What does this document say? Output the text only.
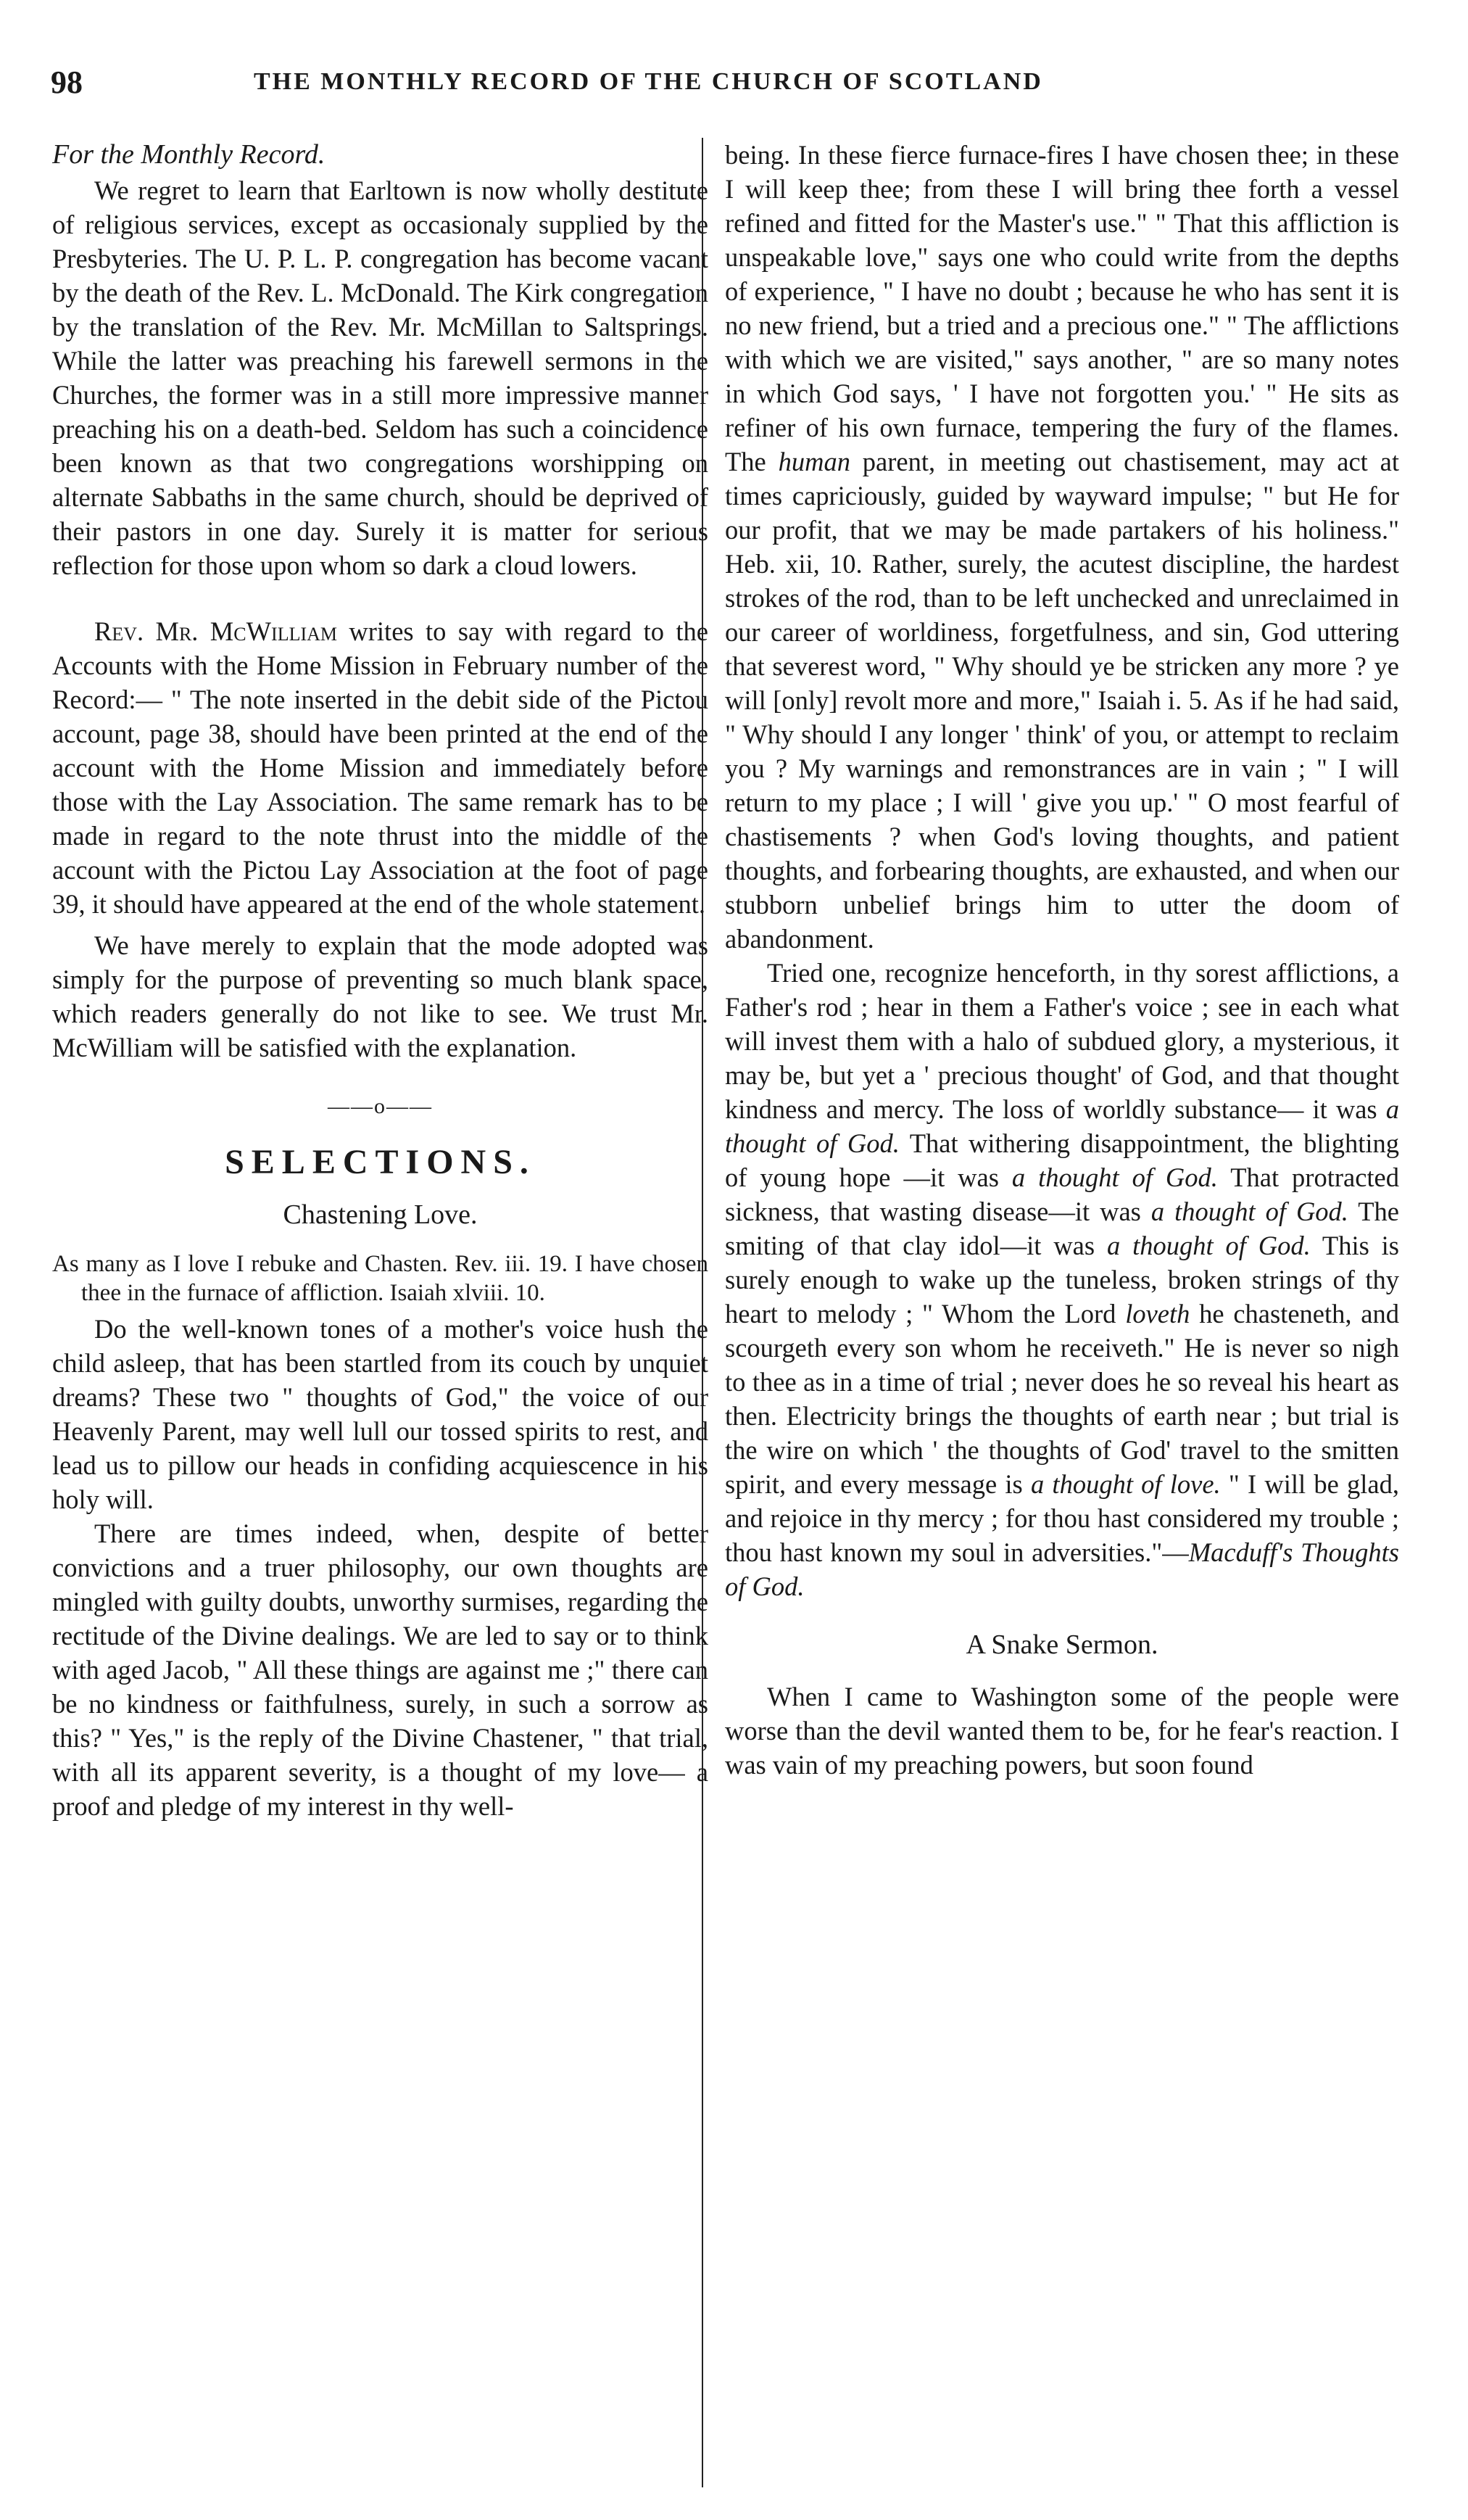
98	THE MONTHLY RECORD OF THE CHURCH OF SCOTLAND

For the Monthly Record.

We regret to learn that Earltown is now wholly destitute of religious services, except as occasionaly supplied by the Presbyteries. The U. P. L. P. congregation has become vacant by the death of the Rev. L. McDonald. The Kirk congregation by the translation of the Rev. Mr. McMillan to Saltsprings. While the latter was preaching his farewell sermons in the Churches, the former was in a still more impressive manner preaching his on a death-bed. Seldom has such a coincidence been known as that two congregations worshipping on alternate Sabbaths in the same church, should be deprived of their pastors in one day. Surely it is matter for serious reflection for those upon whom so dark a cloud lowers.

Rev. Mr. McWilliam writes to say with regard to the Accounts with the Home Mission in February number of the Record:— " The note inserted in the debit side of the Pictou account, page 38, should have been printed at the end of the account with the Home Mission and immediately before those with the Lay Association. The same remark has to be made in regard to the note thrust into the middle of the account with the Pictou Lay Association at the foot of page 39, it should have appeared at the end of the whole statement.

We have merely to explain that the mode adopted was simply for the purpose of preventing so much blank space, which readers generally do not like to see. We trust Mr. McWilliam will be satisfied with the explanation.

——o——
SELECTIONS.
Chastening Love.

As many as I love I rebuke and Chasten. Rev. iii. 19. I have chosen thee in the furnace of affliction. Isaiah xlviii. 10.

Do the well-known tones of a mother's voice hush the child asleep, that has been startled from its couch by unquiet dreams? These two " thoughts of God," the voice of our Heavenly Parent, may well lull our tossed spirits to rest, and lead us to pillow our heads in confiding acquiescence in his holy will.

There are times indeed, when, despite of better convictions and a truer philosophy, our own thoughts are mingled with guilty doubts, unworthy surmises, regarding the rectitude of the Divine dealings. We are led to say or to think with aged Jacob, " All these things are against me ;" there can be no kindness or faithfulness, surely, in such a sorrow as this? " Yes," is the reply of the Divine Chastener, " that trial, with all its apparent severity, is a thought of my love— a proof and pledge of my interest in thy well-

being. In these fierce furnace-fires I have chosen thee; in these I will keep thee; from these I will bring thee forth a vessel refined and fitted for the Master's use." " That this affliction is unspeakable love," says one who could write from the depths of experience, " I have no doubt ; because he who has sent it is no new friend, but a tried and a precious one." " The afflictions with which we are visited," says another, " are so many notes in which God says, ' I have not forgotten you.' " He sits as refiner of his own furnace, tempering the fury of the flames. The human parent, in meeting out chastisement, may act at times capriciously, guided by wayward impulse; " but He for our profit, that we may be made partakers of his holiness." Heb. xii, 10. Rather, surely, the acutest discipline, the hardest strokes of the rod, than to be left unchecked and unreclaimed in our career of worldiness, forgetfulness, and sin, God uttering that severest word, " Why should ye be stricken any more ? ye will [only] revolt more and more," Isaiah i. 5. As if he had said, " Why should I any longer ' think' of you, or attempt to reclaim you ? My warnings and remonstrances are in vain ; " I will return to my place ; I will ' give you up.' " O most fearful of chastisements ? when God's loving thoughts, and patient thoughts, and forbearing thoughts, are exhausted, and when our stubborn unbelief brings him to utter the doom of abandonment.

Tried one, recognize henceforth, in thy sorest afflictions, a Father's rod ; hear in them a Father's voice ; see in each what will invest them with a halo of subdued glory, a mysterious, it may be, but yet a ' precious thought' of God, and that thought kindness and mercy. The loss of worldly substance— it was a thought of God. That withering disappointment, the blighting of young hope —it was a thought of God. That protracted sickness, that wasting disease—it was a thought of God. The smiting of that clay idol—it was a thought of God. This is surely enough to wake up the tuneless, broken strings of thy heart to melody ; " Whom the Lord loveth he chasteneth, and scourgeth every son whom he receiveth." He is never so nigh to thee as in a time of trial ; never does he so reveal his heart as then. Electricity brings the thoughts of earth near ; but trial is the wire on which ' the thoughts of God' travel to the smitten spirit, and every message is a thought of love. " I will be glad, and rejoice in thy mercy ; for thou hast considered my trouble ; thou hast known my soul in adversities."—Macduff's Thoughts of God.

A Snake Sermon.

When I came to Washington some of the people were worse than the devil wanted them to be, for he fear's reaction. I was vain of my preaching powers, but soon found
